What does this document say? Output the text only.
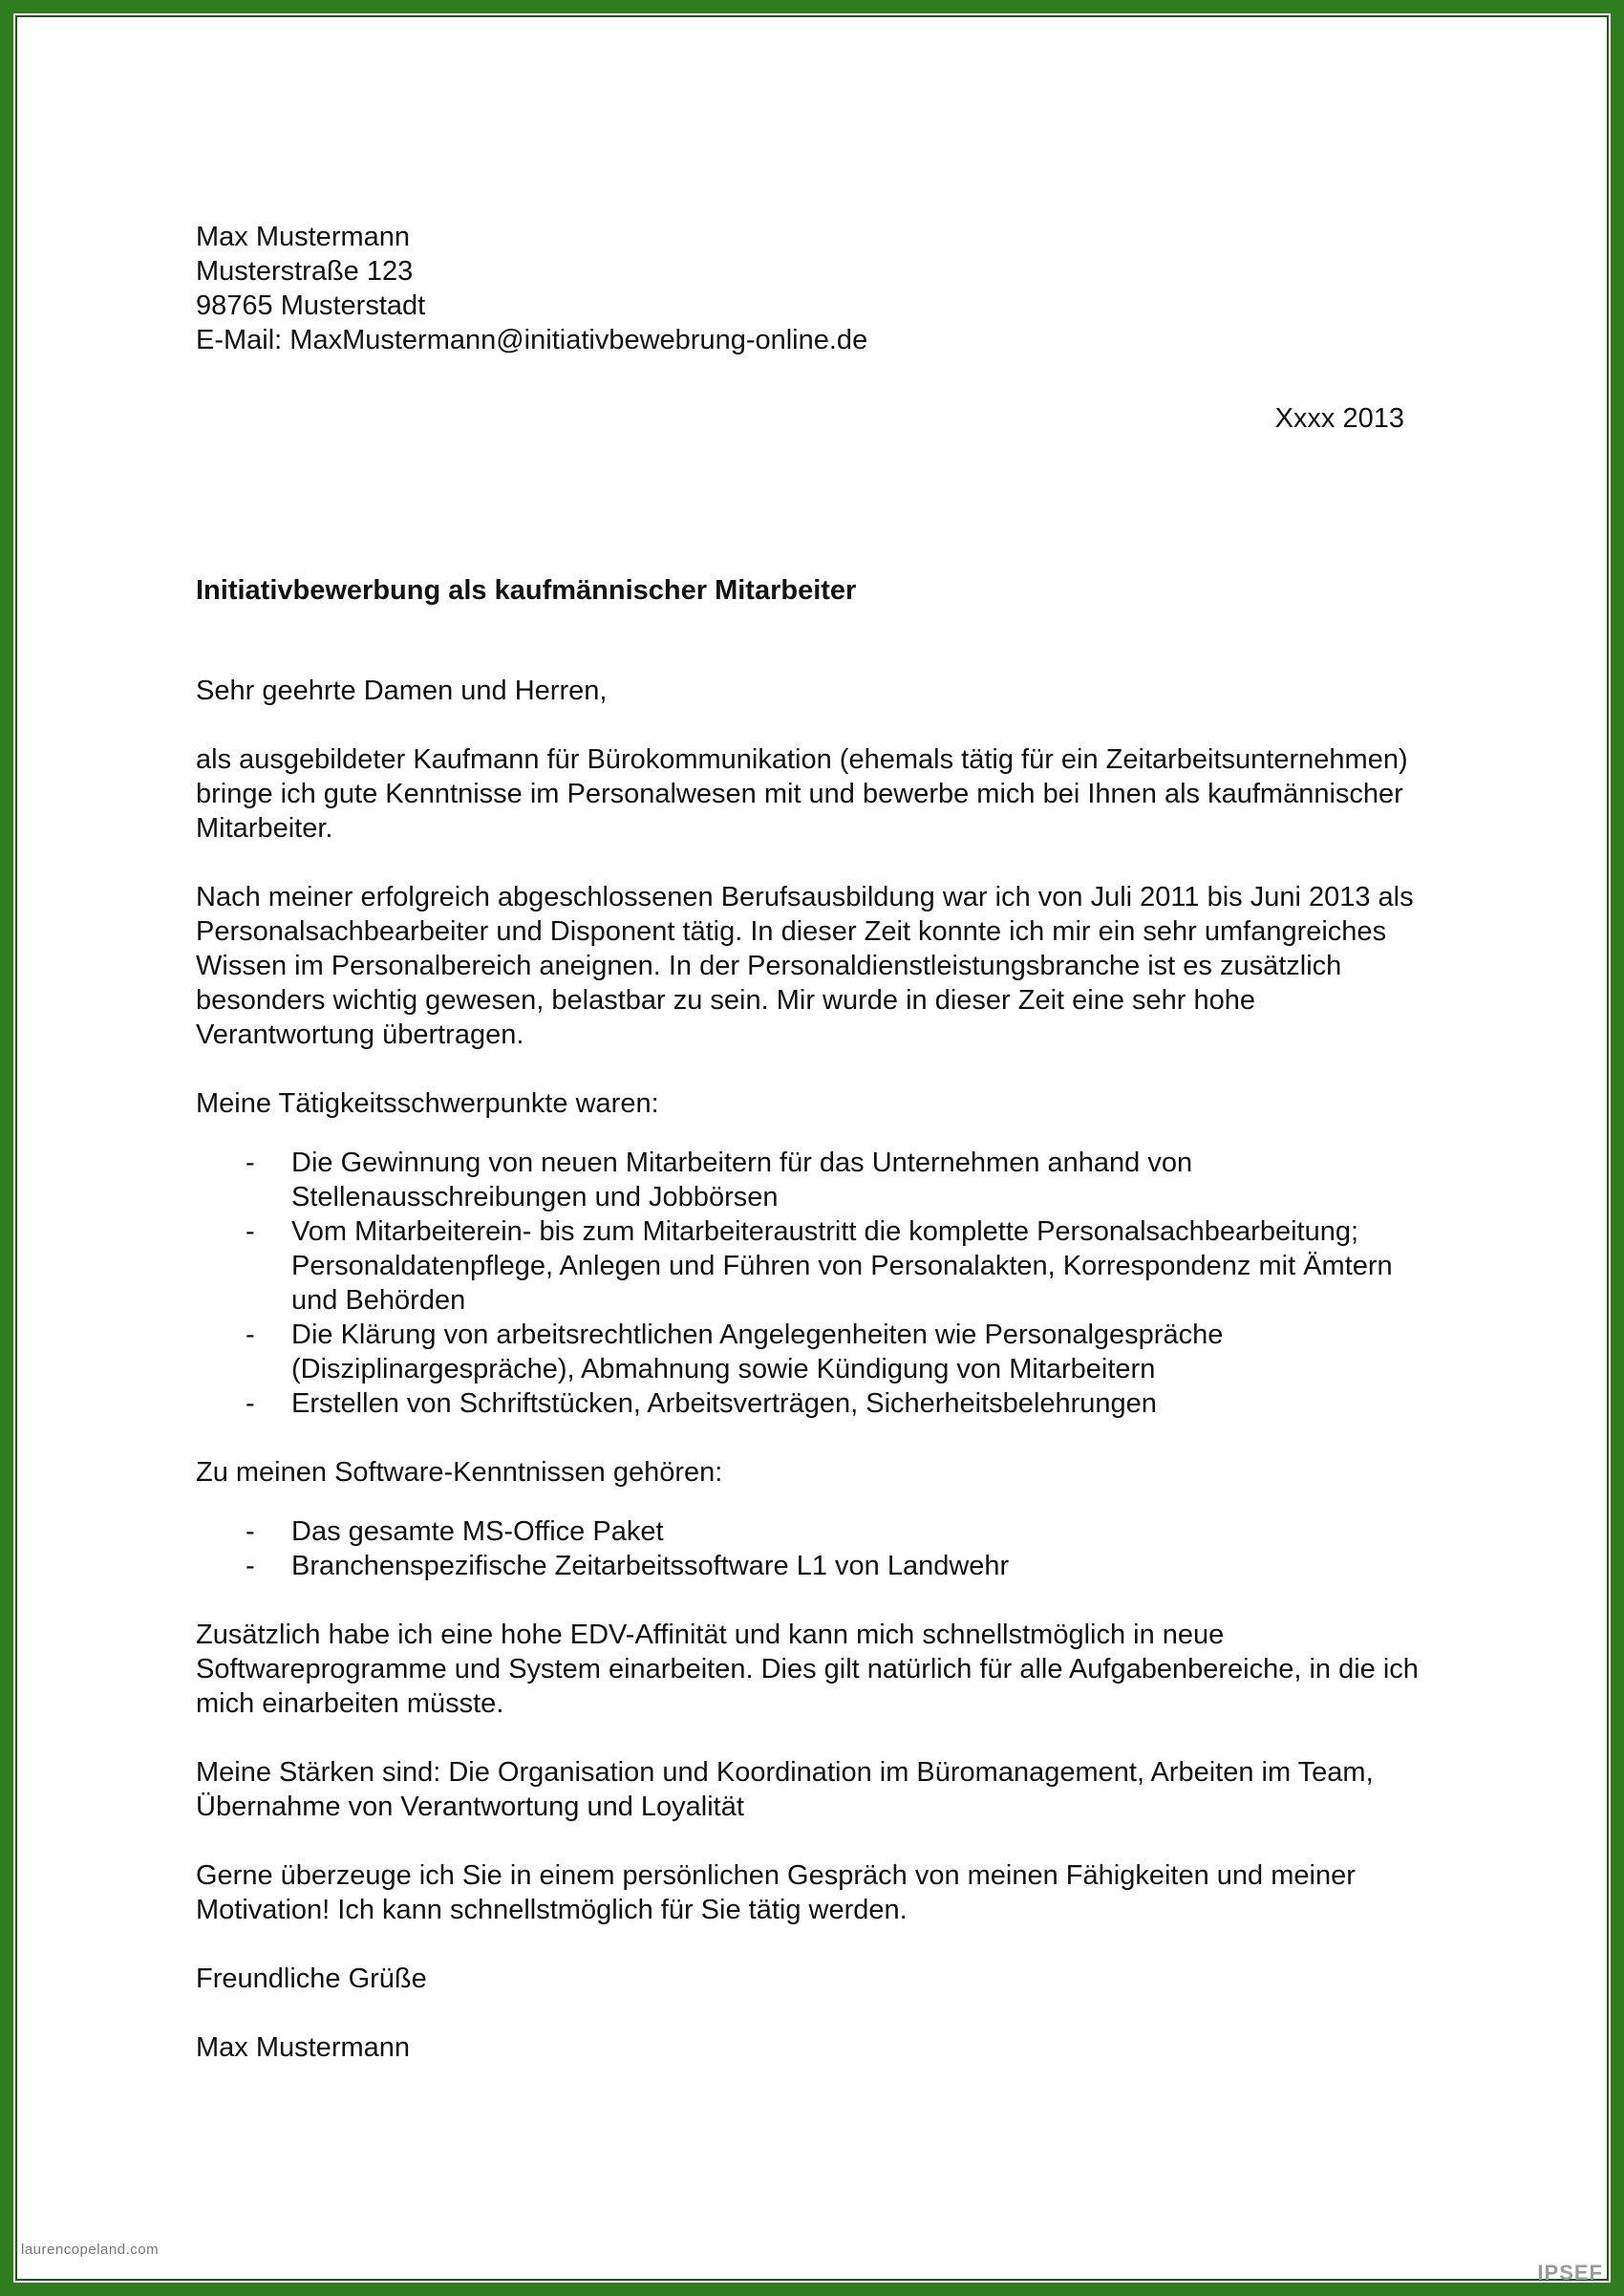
Max Mustermann
Musterstraße 123
98765 Musterstadt
E-Mail: MaxMustermann@initiativbewebrung-online.de
Xxxx 2013
Initiativbewerbung als kaufmännischer Mitarbeiter

Sehr geehrte Damen und Herren,

als ausgebildeter Kaufmann für Bürokommunikation (ehemals tätig für ein Zeitarbeitsunternehmen) bringe ich gute Kenntnisse im Personalwesen mit und bewerbe mich bei Ihnen als kaufmännischer Mitarbeiter.

Nach meiner erfolgreich abgeschlossenen Berufsausbildung war ich von Juli 2011 bis Juni 2013 als Personalsachbearbeiter und Disponent tätig. In dieser Zeit konnte ich mir ein sehr umfangreiches Wissen im Personalbereich aneignen. In der Personaldienstleistungsbranche ist es zusätzlich besonders wichtig gewesen, belastbar zu sein. Mir wurde in dieser Zeit eine sehr hohe Verantwortung übertragen.

Meine Tätigkeitsschwerpunkte waren:

- Die Gewinnung von neuen Mitarbeitern für das Unternehmen anhand von Stellenausschreibungen und Jobbörsen
- Vom Mitarbeiterein- bis zum Mitarbeiteraustritt die komplette Personalsachbearbeitung; Personaldatenpflege, Anlegen und Führen von Personalakten, Korrespondenz mit Ämtern und Behörden
- Die Klärung von arbeitsrechtlichen Angelegenheiten wie Personalgespräche (Disziplinargespräche), Abmahnung sowie Kündigung von Mitarbeitern
- Erstellen von Schriftstücken, Arbeitsverträgen, Sicherheitsbelehrungen

Zu meinen Software-Kenntnissen gehören:

- Das gesamte MS-Office Paket
- Branchenspezifische Zeitarbeitssoftware L1 von Landwehr

Zusätzlich habe ich eine hohe EDV-Affinität und kann mich schnellstmöglich in neue Softwareprogramme und System einarbeiten. Dies gilt natürlich für alle Aufgabenbereiche, in die ich mich einarbeiten müsste.

Meine Stärken sind: Die Organisation und Koordination im Büromanagement, Arbeiten im Team, Übernahme von Verantwortung und Loyalität

Gerne überzeuge ich Sie in einem persönlichen Gespräch von meinen Fähigkeiten und meiner Motivation! Ich kann schnellstmöglich für Sie tätig werden.

Freundliche Grüße

Max Mustermann

laurencopeland.com
IPSEF
